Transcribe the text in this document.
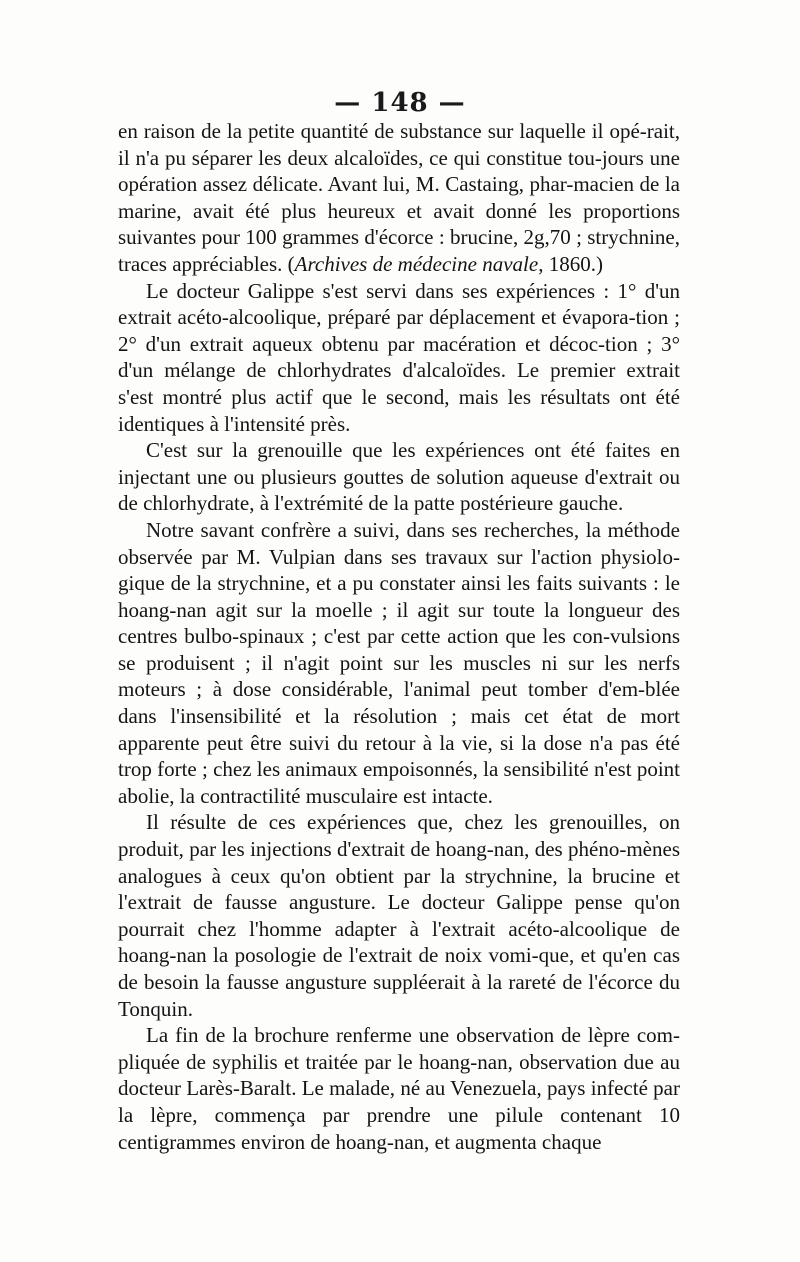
— 148 —

en raison de la petite quantité de substance sur laquelle il opé-rait, il n'a pu séparer les deux alcaloïdes, ce qui constitue tou-jours une opération assez délicate. Avant lui, M. Castaing, phar-macien de la marine, avait été plus heureux et avait donné les proportions suivantes pour 100 grammes d'écorce : brucine, 2g,70 ; strychnine, traces appréciables. (Archives de médecine navale, 1860.)

Le docteur Galippe s'est servi dans ses expériences : 1° d'un extrait acéto-alcoolique, préparé par déplacement et évapora-tion ; 2° d'un extrait aqueux obtenu par macération et décoc-tion ; 3° d'un mélange de chlorhydrates d'alcaloïdes. Le premier extrait s'est montré plus actif que le second, mais les résultats ont été identiques à l'intensité près.

C'est sur la grenouille que les expériences ont été faites en injectant une ou plusieurs gouttes de solution aqueuse d'extrait ou de chlorhydrate, à l'extrémité de la patte postérieure gauche.

Notre savant confrère a suivi, dans ses recherches, la méthode observée par M. Vulpian dans ses travaux sur l'action physiolo-gique de la strychnine, et a pu constater ainsi les faits suivants : le hoang-nan agit sur la moelle ; il agit sur toute la longueur des centres bulbo-spinaux ; c'est par cette action que les con-vulsions se produisent ; il n'agit point sur les muscles ni sur les nerfs moteurs ; à dose considérable, l'animal peut tomber d'em-blée dans l'insensibilité et la résolution ; mais cet état de mort apparente peut être suivi du retour à la vie, si la dose n'a pas été trop forte ; chez les animaux empoisonnés, la sensibilité n'est point abolie, la contractilité musculaire est intacte.

Il résulte de ces expériences que, chez les grenouilles, on produit, par les injections d'extrait de hoang-nan, des phéno-mènes analogues à ceux qu'on obtient par la strychnine, la brucine et l'extrait de fausse angusture. Le docteur Galippe pense qu'on pourrait chez l'homme adapter à l'extrait acéto-alcoolique de hoang-nan la posologie de l'extrait de noix vomi-que, et qu'en cas de besoin la fausse angusture suppléerait à la rareté de l'écorce du Tonquin.

La fin de la brochure renferme une observation de lèpre com-pliquée de syphilis et traitée par le hoang-nan, observation due au docteur Larès-Baralt. Le malade, né au Venezuela, pays infecté par la lèpre, commença par prendre une pilule contenant 10 centigrammes environ de hoang-nan, et augmenta chaque
